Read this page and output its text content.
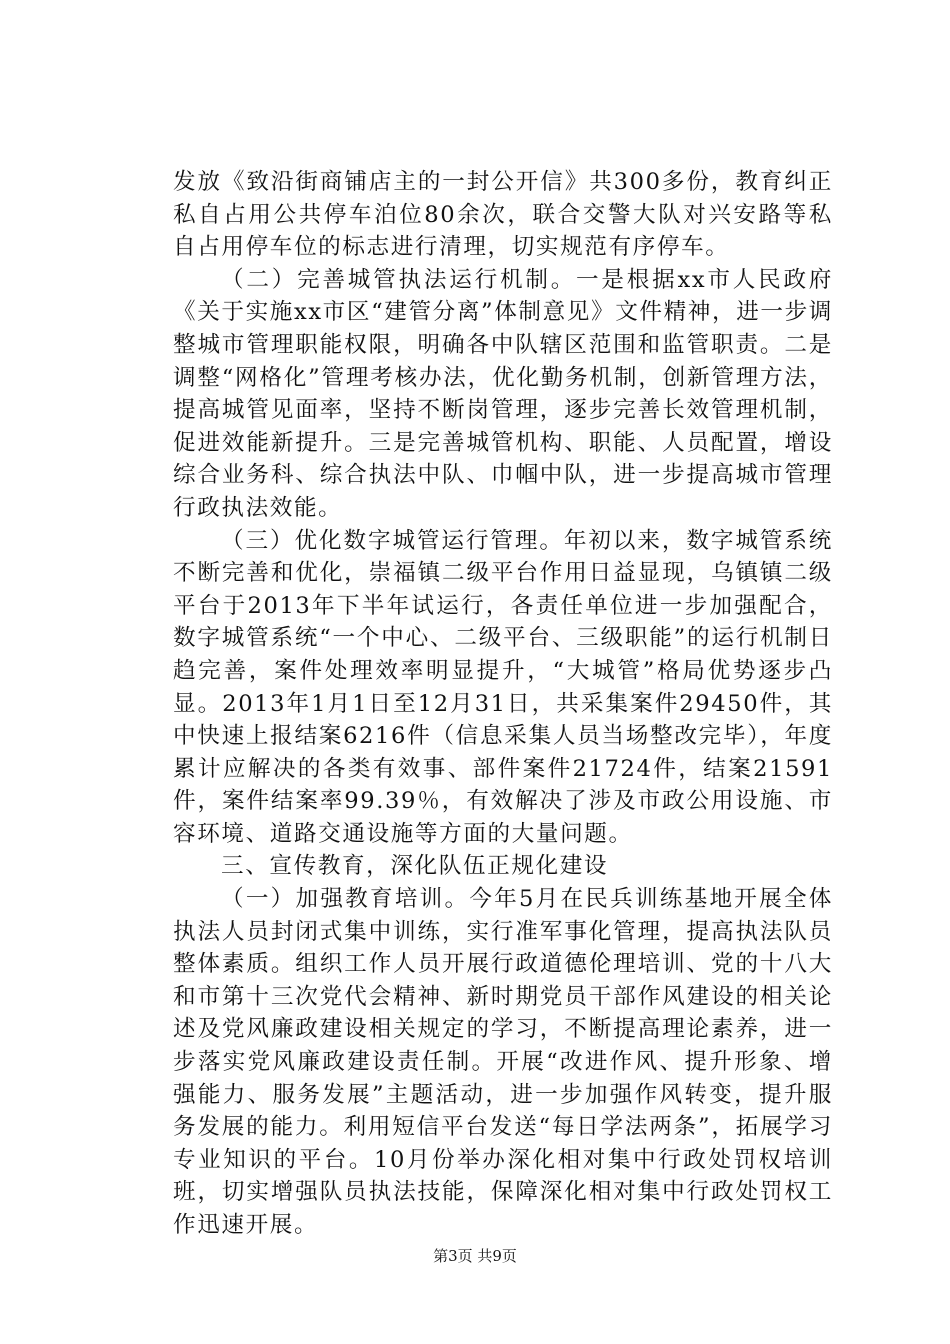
发放《致沿街商铺店主的一封公开信》共300多份，教育纠正私自占用公共停车泊位80余次，联合交警大队对兴安路等私自占用停车位的标志进行清理，切实规范有序停车。

（二）完善城管执法运行机制。一是根据xx市人民政府《关于实施xx市区“建管分离”体制意见》文件精神，进一步调整城市管理职能权限，明确各中队辖区范围和监管职责。二是调整“网格化”管理考核办法，优化勤务机制，创新管理方法，提高城管见面率，坚持不断岗管理，逐步完善长效管理机制，促进效能新提升。三是完善城管机构、职能、人员配置，增设综合业务科、综合执法中队、巾帼中队，进一步提高城市管理行政执法效能。

（三）优化数字城管运行管理。年初以来，数字城管系统不断完善和优化，崇福镇二级平台作用日益显现，乌镇镇二级平台于2013年下半年试运行，各责任单位进一步加强配合，数字城管系统“一个中心、二级平台、三级职能”的运行机制日趋完善，案件处理效率明显提升，“大城管”格局优势逐步凸显。2013年1月1日至12月31日，共采集案件29450件，其中快速上报结案6216件（信息采集人员当场整改完毕），年度累计应解决的各类有效事、部件案件21724件，结案21591件，案件结案率99.39％，有效解决了涉及市政公用设施、市容环境、道路交通设施等方面的大量问题。

三、宣传教育，深化队伍正规化建设

（一）加强教育培训。今年5月在民兵训练基地开展全体执法人员封闭式集中训练，实行准军事化管理，提高执法队员整体素质。组织工作人员开展行政道德伦理培训、党的十八大和市第十三次党代会精神、新时期党员干部作风建设的相关论述及党风廉政建设相关规定的学习，不断提高理论素养，进一步落实党风廉政建设责任制。开展“改进作风、提升形象、增强能力、服务发展”主题活动，进一步加强作风转变，提升服务发展的能力。利用短信平台发送“每日学法两条”，拓展学习专业知识的平台。10月份举办深化相对集中行政处罚权培训班，切实增强队员执法技能，保障深化相对集中行政处罚权工作迅速开展。

第3页 共9页
